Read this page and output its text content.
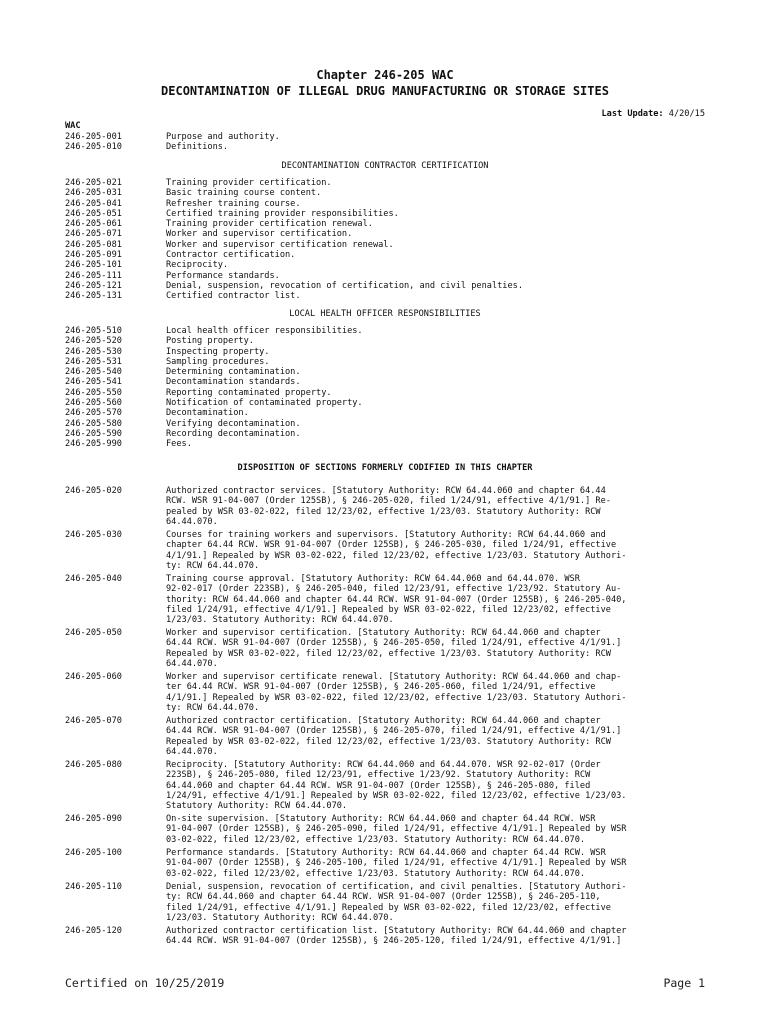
Chapter 246-205 WAC
DECONTAMINATION OF ILLEGAL DRUG MANUFACTURING OR STORAGE SITES
Last Update: 4/20/15
WAC
246-205-001	Purpose and authority.
246-205-010	Definitions.
DECONTAMINATION CONTRACTOR CERTIFICATION
246-205-021	Training provider certification.
246-205-031	Basic training course content.
246-205-041	Refresher training course.
246-205-051	Certified training provider responsibilities.
246-205-061	Training provider certification renewal.
246-205-071	Worker and supervisor certification.
246-205-081	Worker and supervisor certification renewal.
246-205-091	Contractor certification.
246-205-101	Reciprocity.
246-205-111	Performance standards.
246-205-121	Denial, suspension, revocation of certification, and civil penalties.
246-205-131	Certified contractor list.
LOCAL HEALTH OFFICER RESPONSIBILITIES
246-205-510	Local health officer responsibilities.
246-205-520	Posting property.
246-205-530	Inspecting property.
246-205-531	Sampling procedures.
246-205-540	Determining contamination.
246-205-541	Decontamination standards.
246-205-550	Reporting contaminated property.
246-205-560	Notification of contaminated property.
246-205-570	Decontamination.
246-205-580	Verifying decontamination.
246-205-590	Recording decontamination.
246-205-990	Fees.
DISPOSITION OF SECTIONS FORMERLY CODIFIED IN THIS CHAPTER
246-205-020	Authorized contractor services. [Statutory Authority: RCW 64.44.060 and chapter 64.44
RCW. WSR 91-04-007 (Order 125SB), § 246-205-020, filed 1/24/91, effective 4/1/91.] Re-
pealed by WSR 03-02-022, filed 12/23/02, effective 1/23/03. Statutory Authority: RCW
64.44.070.
246-205-030	Courses for training workers and supervisors. [Statutory Authority: RCW 64.44.060 and
chapter 64.44 RCW. WSR 91-04-007 (Order 125SB), § 246-205-030, filed 1/24/91, effective
4/1/91.] Repealed by WSR 03-02-022, filed 12/23/02, effective 1/23/03. Statutory Authori-
ty: RCW 64.44.070.
246-205-040	Training course approval. [Statutory Authority: RCW 64.44.060 and 64.44.070. WSR
92-02-017 (Order 223SB), § 246-205-040, filed 12/23/91, effective 1/23/92. Statutory Au-
thority: RCW 64.44.060 and chapter 64.44 RCW. WSR 91-04-007 (Order 125SB), § 246-205-040,
filed 1/24/91, effective 4/1/91.] Repealed by WSR 03-02-022, filed 12/23/02, effective
1/23/03. Statutory Authority: RCW 64.44.070.
246-205-050	Worker and supervisor certification. [Statutory Authority: RCW 64.44.060 and chapter
64.44 RCW. WSR 91-04-007 (Order 125SB), § 246-205-050, filed 1/24/91, effective 4/1/91.]
Repealed by WSR 03-02-022, filed 12/23/02, effective 1/23/03. Statutory Authority: RCW
64.44.070.
246-205-060	Worker and supervisor certificate renewal. [Statutory Authority: RCW 64.44.060 and chap-
ter 64.44 RCW. WSR 91-04-007 (Order 125SB), § 246-205-060, filed 1/24/91, effective
4/1/91.] Repealed by WSR 03-02-022, filed 12/23/02, effective 1/23/03. Statutory Authori-
ty: RCW 64.44.070.
246-205-070	Authorized contractor certification. [Statutory Authority: RCW 64.44.060 and chapter
64.44 RCW. WSR 91-04-007 (Order 125SB), § 246-205-070, filed 1/24/91, effective 4/1/91.]
Repealed by WSR 03-02-022, filed 12/23/02, effective 1/23/03. Statutory Authority: RCW
64.44.070.
246-205-080	Reciprocity. [Statutory Authority: RCW 64.44.060 and 64.44.070. WSR 92-02-017 (Order
223SB), § 246-205-080, filed 12/23/91, effective 1/23/92. Statutory Authority: RCW
64.44.060 and chapter 64.44 RCW. WSR 91-04-007 (Order 125SB), § 246-205-080, filed
1/24/91, effective 4/1/91.] Repealed by WSR 03-02-022, filed 12/23/02, effective 1/23/03.
Statutory Authority: RCW 64.44.070.
246-205-090	On-site supervision. [Statutory Authority: RCW 64.44.060 and chapter 64.44 RCW. WSR
91-04-007 (Order 125SB), § 246-205-090, filed 1/24/91, effective 4/1/91.] Repealed by WSR
03-02-022, filed 12/23/02, effective 1/23/03. Statutory Authority: RCW 64.44.070.
246-205-100	Performance standards. [Statutory Authority: RCW 64.44.060 and chapter 64.44 RCW. WSR
91-04-007 (Order 125SB), § 246-205-100, filed 1/24/91, effective 4/1/91.] Repealed by WSR
03-02-022, filed 12/23/02, effective 1/23/03. Statutory Authority: RCW 64.44.070.
246-205-110	Denial, suspension, revocation of certification, and civil penalties. [Statutory Authori-
ty: RCW 64.44.060 and chapter 64.44 RCW. WSR 91-04-007 (Order 125SB), § 246-205-110,
filed 1/24/91, effective 4/1/91.] Repealed by WSR 03-02-022, filed 12/23/02, effective
1/23/03. Statutory Authority: RCW 64.44.070.
246-205-120	Authorized contractor certification list. [Statutory Authority: RCW 64.44.060 and chapter
64.44 RCW. WSR 91-04-007 (Order 125SB), § 246-205-120, filed 1/24/91, effective 4/1/91.]
Certified on 10/25/2019	Page 1
